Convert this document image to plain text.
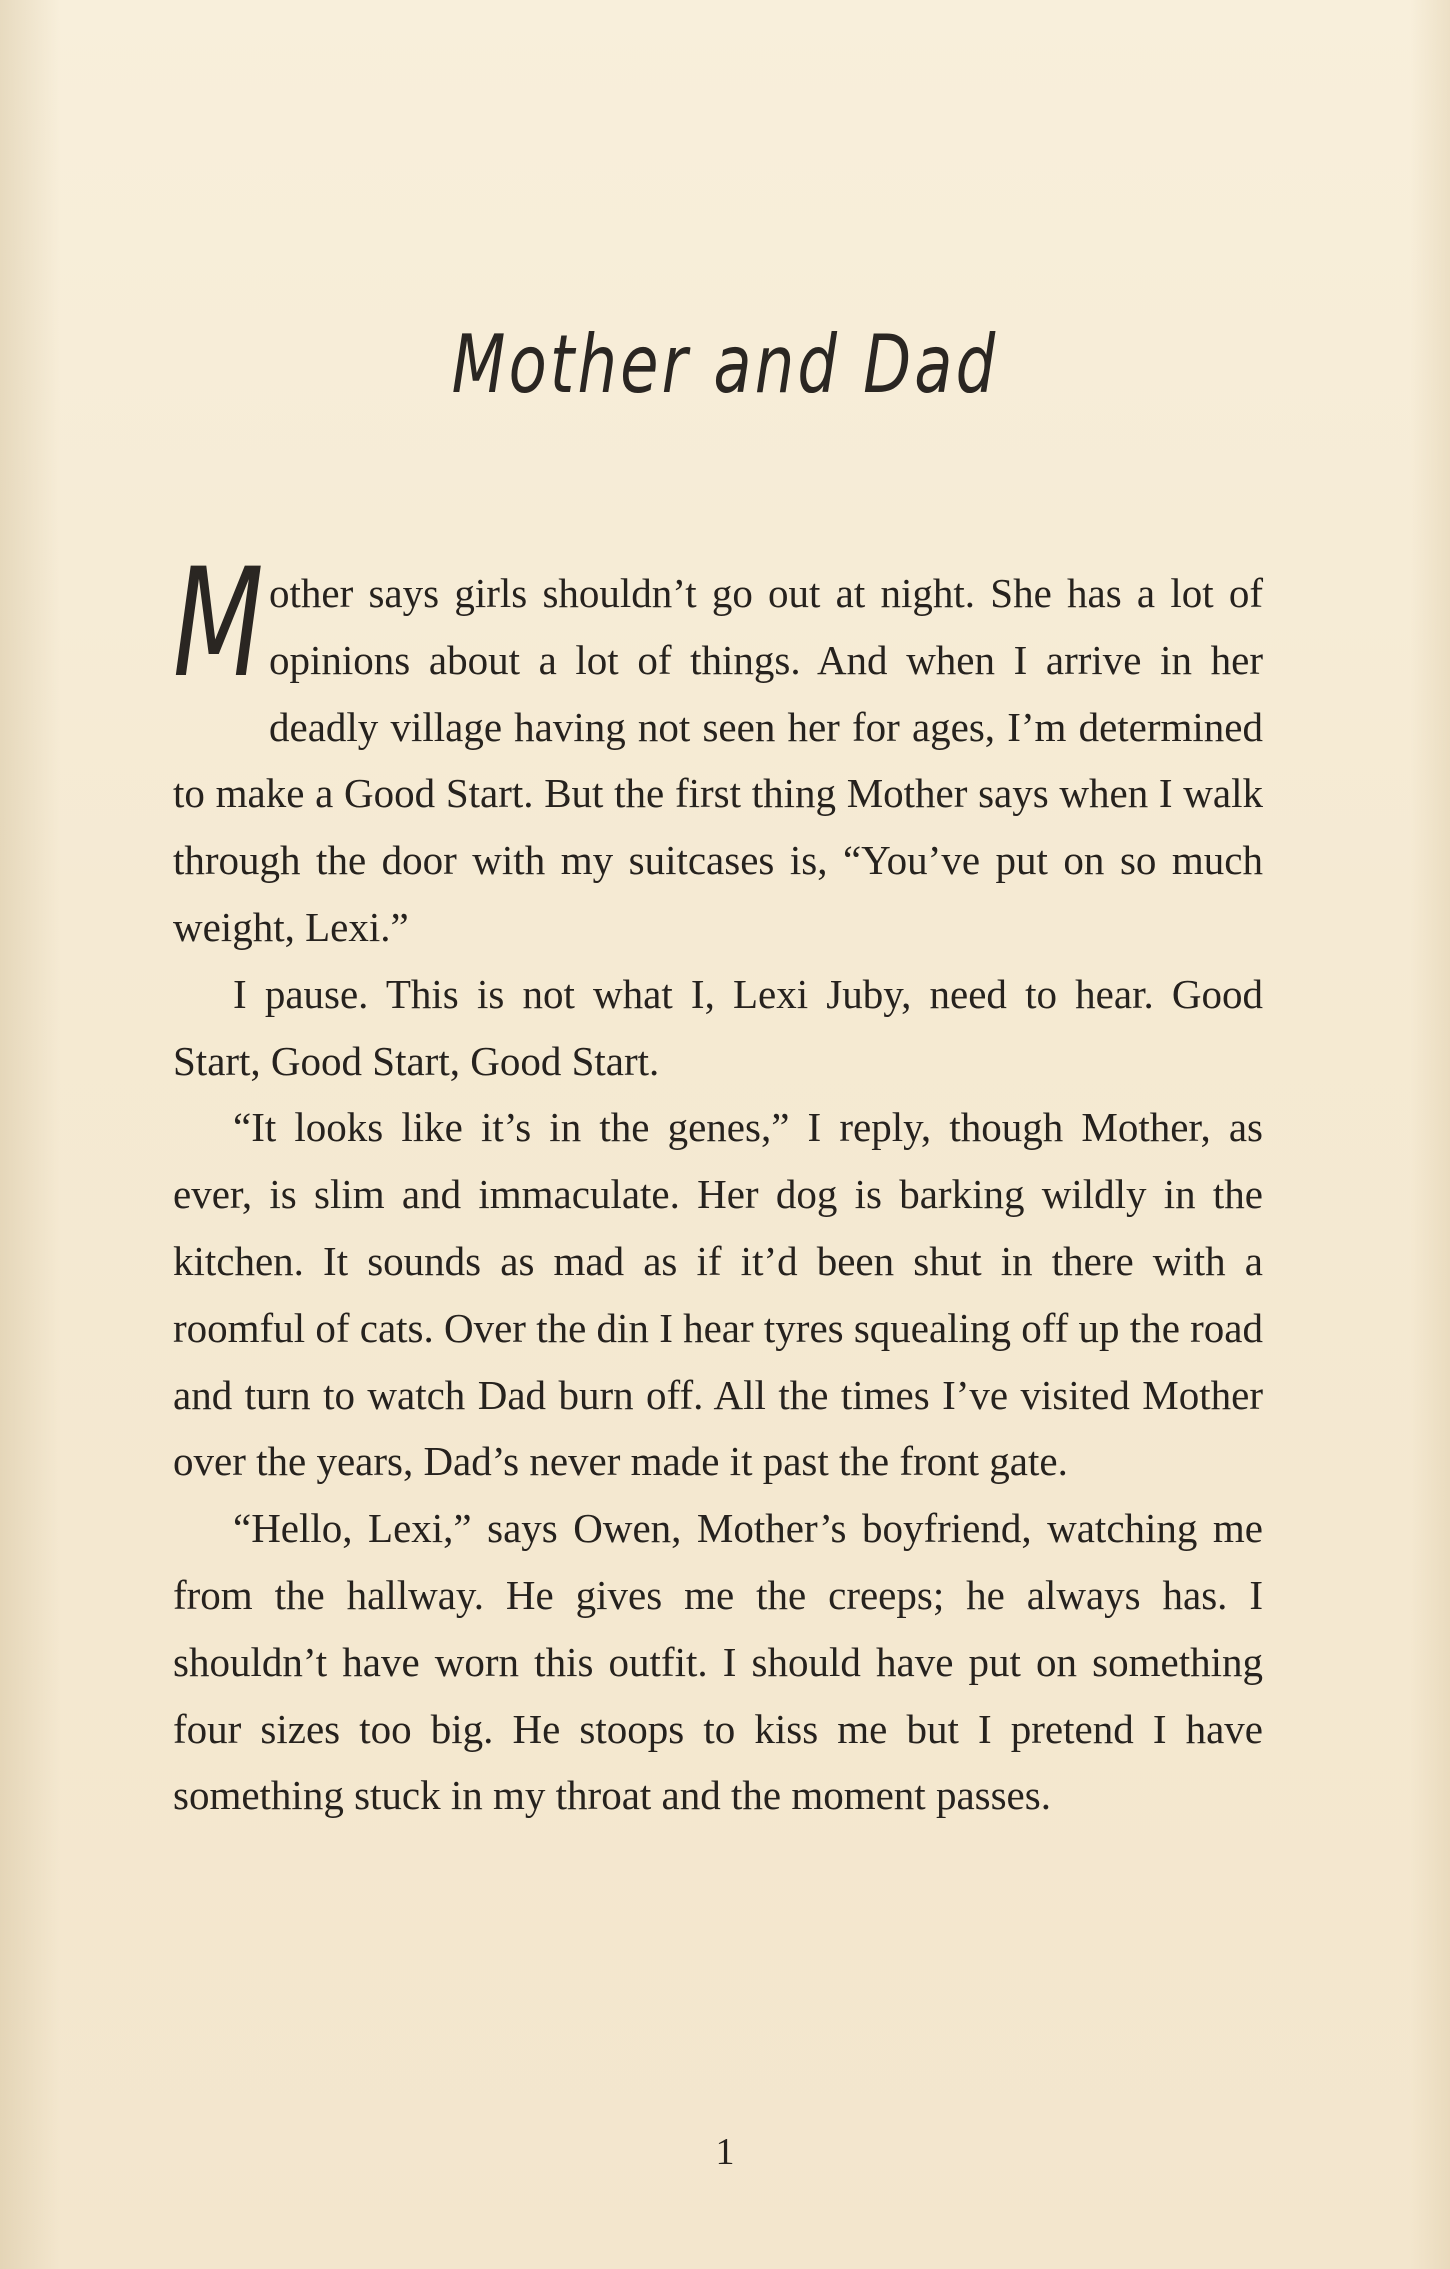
Mother and Dad

Mother says girls shouldn’t go out at night. She has a lot of opinions about a lot of things. And when I arrive in her deadly village having not seen her for ages, I’m determined to make a Good Start. But the first thing Mother says when I walk through the door with my suitcases is, “You’ve put on so much weight, Lexi.”

I pause. This is not what I, Lexi Juby, need to hear. Good Start, Good Start, Good Start.

“It looks like it’s in the genes,” I reply, though Mother, as ever, is slim and immaculate. Her dog is barking wildly in the kitchen. It sounds as mad as if it’d been shut in there with a roomful of cats. Over the din I hear tyres squealing off up the road and turn to watch Dad burn off. All the times I’ve visited Mother over the years, Dad’s never made it past the front gate.

“Hello, Lexi,” says Owen, Mother’s boyfriend, watching me from the hallway. He gives me the creeps; he always has. I shouldn’t have worn this outfit. I should have put on something four sizes too big. He stoops to kiss me but I pretend I have something stuck in my throat and the moment passes.

1
